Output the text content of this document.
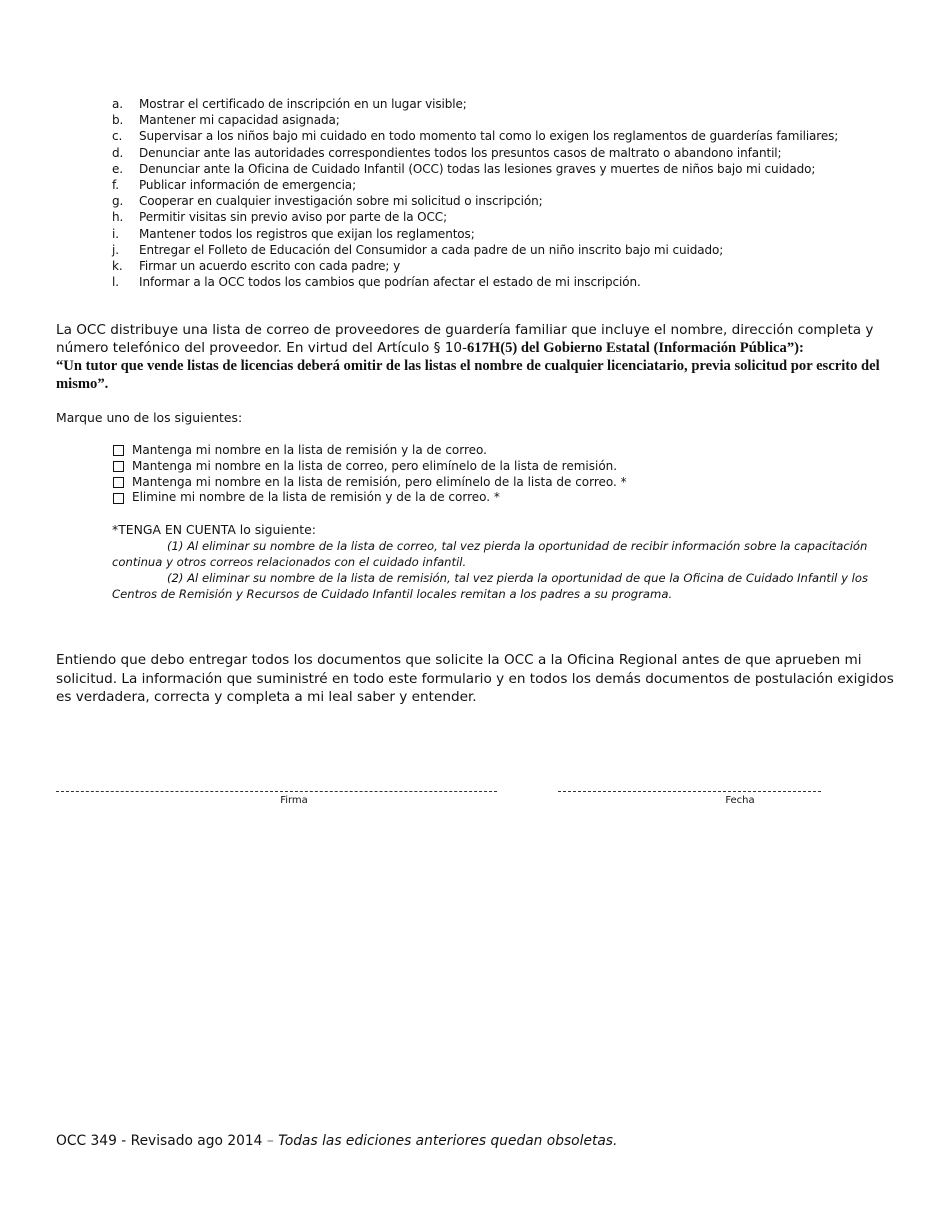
a.	Mostrar el certificado de inscripción en un lugar visible;
b.	Mantener mi capacidad asignada;
c.	Supervisar a los niños bajo mi cuidado en todo momento tal como lo exigen los reglamentos de guarderías familiares;
d.	Denunciar ante las autoridades correspondientes todos los presuntos casos de maltrato o abandono infantil;
e.	Denunciar ante la Oficina de Cuidado Infantil (OCC) todas las lesiones graves y muertes de niños bajo mi cuidado;
f.	Publicar información de emergencia;
g.	Cooperar en cualquier investigación sobre mi solicitud o inscripción;
h.	Permitir visitas sin previo aviso por parte de la OCC;
i.	Mantener todos los registros que exijan los reglamentos;
j.	Entregar el Folleto de Educación del Consumidor a cada padre de un niño inscrito bajo mi cuidado;
k.	Firmar un acuerdo escrito con cada padre; y
l.	Informar a la OCC todos los cambios que podrían afectar el estado de mi inscripción.
La OCC distribuye una lista de correo de proveedores de guardería familiar que incluye el nombre, dirección completa y número telefónico del proveedor. En virtud del Artículo § 10-617H(5) del Gobierno Estatal (Información Pública”):
“Un tutor que vende listas de licencias deberá omitir de las listas el nombre de cualquier licenciatario, previa solicitud por escrito del mismo”.
Marque uno de los siguientes:
Mantenga mi nombre en la lista de remisión y la de correo.
Mantenga mi nombre en la lista de correo, pero elimínelo de la lista de remisión.
Mantenga mi nombre en la lista de remisión, pero elimínelo de la lista de correo. *
Elimine mi nombre de la lista de remisión y de la de correo. *
*TENGA EN CUENTA lo siguiente:
(1) Al eliminar su nombre de la lista de correo, tal vez pierda la oportunidad de recibir información sobre la capacitación continua y otros correos relacionados con el cuidado infantil.
(2) Al eliminar su nombre de la lista de remisión, tal vez pierda la oportunidad de que la Oficina de Cuidado Infantil y los Centros de Remisión y Recursos de Cuidado Infantil locales remitan a los padres a su programa.
Entiendo que debo entregar todos los documentos que solicite la OCC a la Oficina Regional antes de que aprueben mi solicitud. La información que suministré en todo este formulario y en todos los demás documentos de postulación exigidos es verdadera, correcta y completa a mi leal saber y entender.
Firma	Fecha
OCC 349 - Revisado ago 2014 – Todas las ediciones anteriores quedan obsoletas.
